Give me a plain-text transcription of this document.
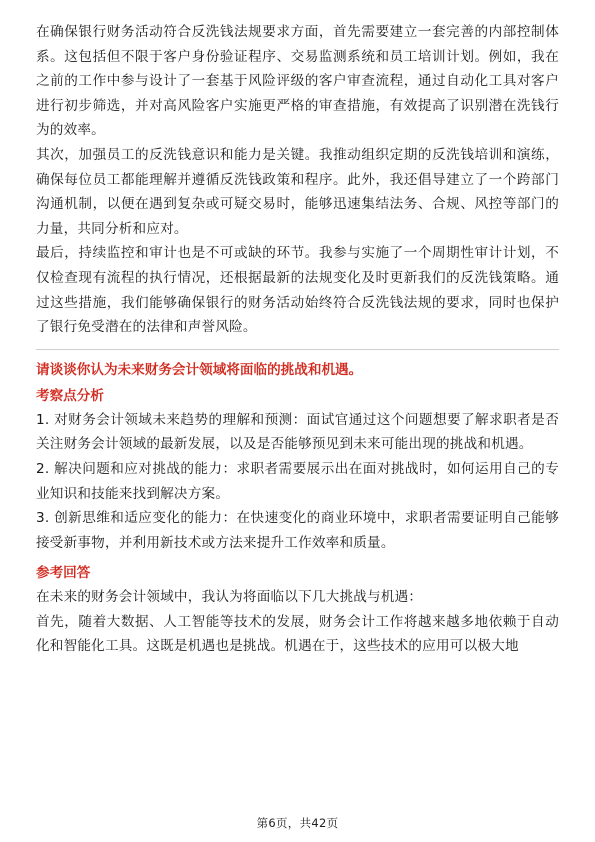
在确保银行财务活动符合反洗钱法规要求方面，首先需要建立一套完善的内部控制体系。这包括但不限于客户身份验证程序、交易监测系统和员工培训计划。例如，我在之前的工作中参与设计了一套基于风险评级的客户审查流程，通过自动化工具对客户进行初步筛选，并对高风险客户实施更严格的审查措施，有效提高了识别潜在洗钱行为的效率。

其次，加强员工的反洗钱意识和能力是关键。我推动组织定期的反洗钱培训和演练，确保每位员工都能理解并遵循反洗钱政策和程序。此外，我还倡导建立了一个跨部门沟通机制，以便在遇到复杂或可疑交易时，能够迅速集结法务、合规、风控等部门的力量，共同分析和应对。

最后，持续监控和审计也是不可或缺的环节。我参与实施了一个周期性审计计划，不仅检查现有流程的执行情况，还根据最新的法规变化及时更新我们的反洗钱策略。通过这些措施，我们能够确保银行的财务活动始终符合反洗钱法规的要求，同时也保护了银行免受潜在的法律和声誉风险。

请谈谈你认为未来财务会计领域将面临的挑战和机遇。

考察点分析

1. 对财务会计领域未来趋势的理解和预测：面试官通过这个问题想要了解求职者是否关注财务会计领域的最新发展，以及是否能够预见到未来可能出现的挑战和机遇。

2. 解决问题和应对挑战的能力：求职者需要展示出在面对挑战时，如何运用自己的专业知识和技能来找到解决方案。

3. 创新思维和适应变化的能力：在快速变化的商业环境中，求职者需要证明自己能够接受新事物，并利用新技术或方法来提升工作效率和质量。

参考回答

在未来的财务会计领域中，我认为将面临以下几大挑战与机遇：

首先，随着大数据、人工智能等技术的发展，财务会计工作将越来越多地依赖于自动化和智能化工具。这既是机遇也是挑战。机遇在于，这些技术的应用可以极大地

第6页，共42页
